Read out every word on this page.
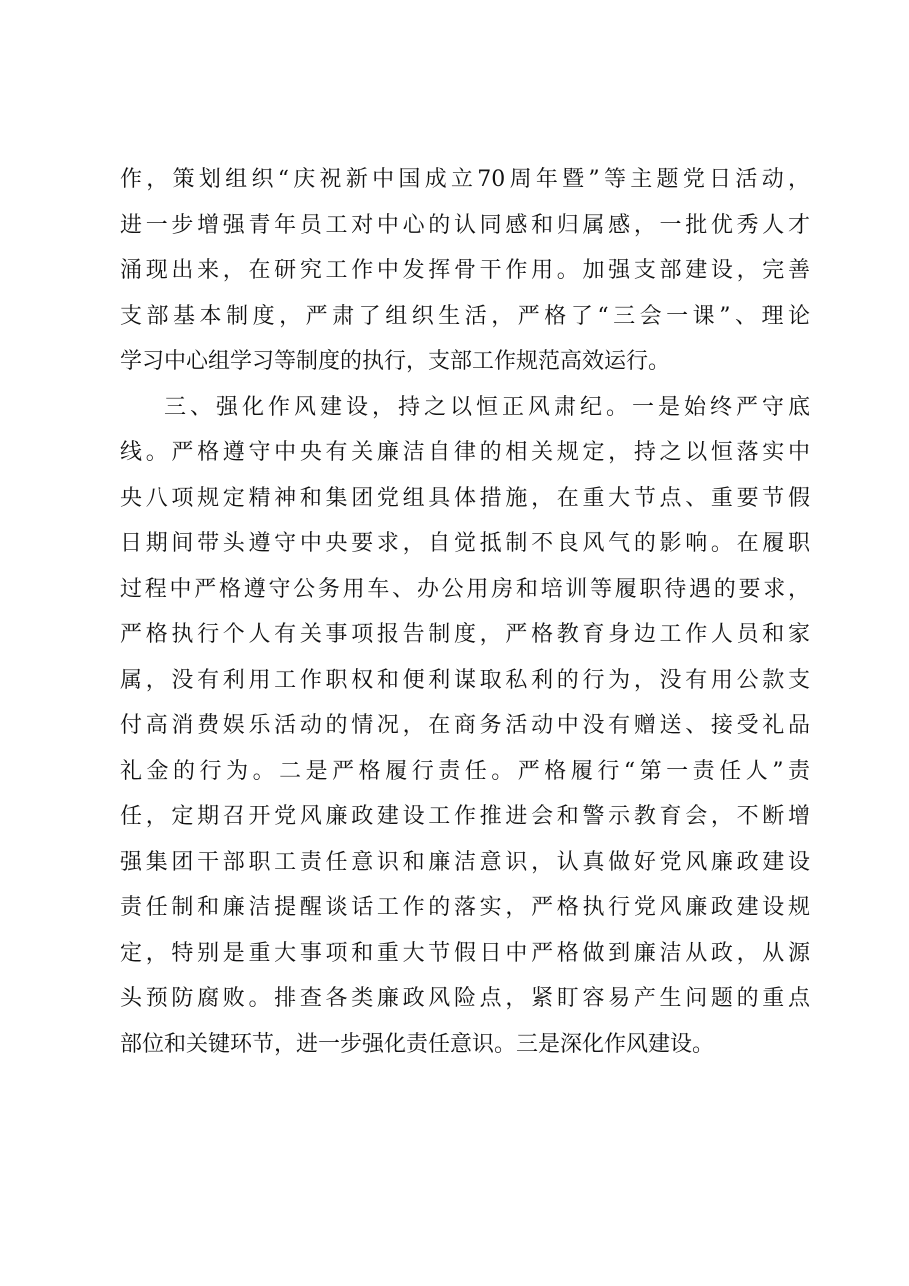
作，策划组织“庆祝新中国成立70周年暨”等主题党日活动，
进一步增强青年员工对中心的认同感和归属感，一批优秀人才
涌现出来，在研究工作中发挥骨干作用。加强支部建设，完善
支部基本制度，严肃了组织生活，严格了“三会一课”、理论
学习中心组学习等制度的执行，支部工作规范高效运行。
三、强化作风建设，持之以恒正风肃纪。一是始终严守底
线。严格遵守中央有关廉洁自律的相关规定，持之以恒落实中
央八项规定精神和集团党组具体措施，在重大节点、重要节假
日期间带头遵守中央要求，自觉抵制不良风气的影响。在履职
过程中严格遵守公务用车、办公用房和培训等履职待遇的要求，
严格执行个人有关事项报告制度，严格教育身边工作人员和家
属，没有利用工作职权和便利谋取私利的行为，没有用公款支
付高消费娱乐活动的情况，在商务活动中没有赠送、接受礼品
礼金的行为。二是严格履行责任。严格履行“第一责任人”责
任，定期召开党风廉政建设工作推进会和警示教育会，不断增
强集团干部职工责任意识和廉洁意识，认真做好党风廉政建设
责任制和廉洁提醒谈话工作的落实，严格执行党风廉政建设规
定，特别是重大事项和重大节假日中严格做到廉洁从政，从源
头预防腐败。排查各类廉政风险点，紧盯容易产生问题的重点
部位和关键环节，进一步强化责任意识。三是深化作风建设。
